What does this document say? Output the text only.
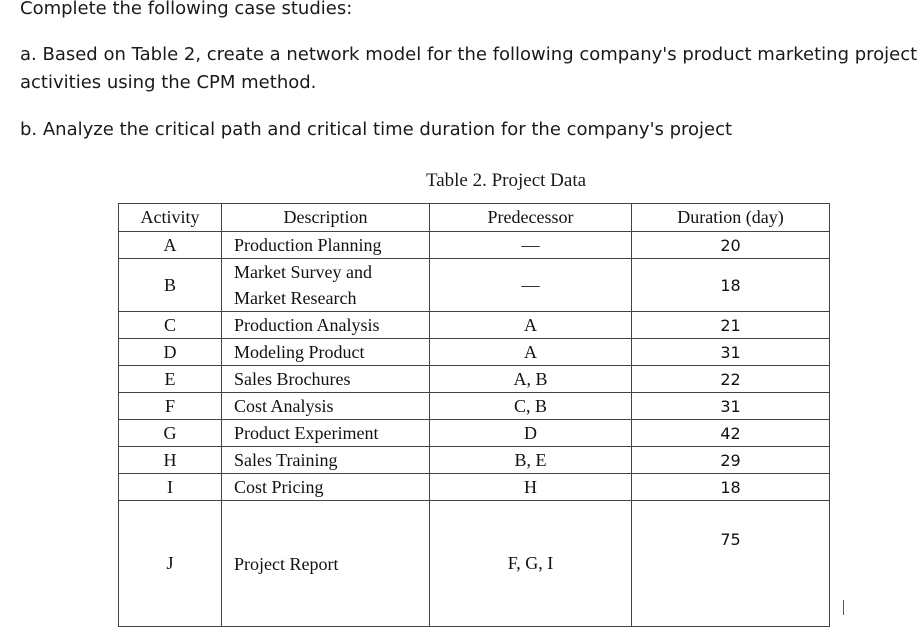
Complete the following case studies:
a. Based on Table 2, create a network model for the following company's product marketing project
activities using the CPM method.
b. Analyze the critical path and critical time duration for the company's project
Table 2. Project Data
Activity	Description	Predecessor	Duration (day)
A	Production Planning	—	20
B	Market Survey and
Market Research	—	18
C	Production Analysis	A	21
D	Modeling Product	A	31
E	Sales Brochures	A, B	22
F	Cost Analysis	C, B	31
G	Product Experiment	D	42
H	Sales Training	B, E	29
I	Cost Pricing	H	18
J	Project Report	F, G, I	75
